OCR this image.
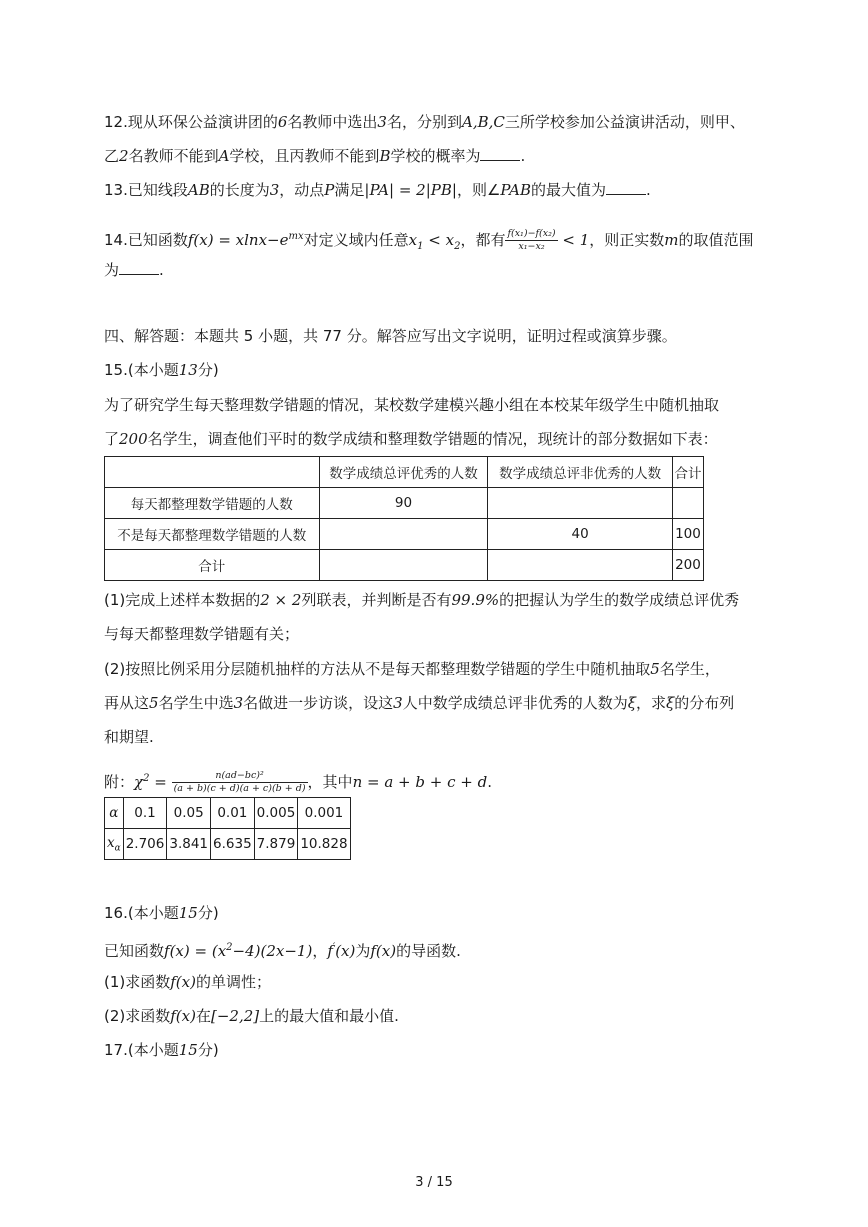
12.现从环保公益演讲团的6名教师中选出3名，分别到A,B,C三所学校参加公益演讲活动，则甲、
乙2名教师不能到A学校，且丙教师不能到B学校的概率为	.
13.已知线段AB的长度为3，动点P满足|PA| = 2|PB|，则∠PAB的最大值为	.
14.已知函数$f(x) = xlnx-e^{mx}$对定义域内任意$x_1 < x_2$，都有 $\frac{\text{f(x₁)−f(x₂)}}{\text{x₁−x₂}} < 1$，则正实数m的取值范围
为	.
四、解答题：本题共 5 小题，共 77 分。解答应写出文字说明，证明过程或演算步骤。
15.(本小题13分)
为了研究学生每天整理数学错题的情况，某校数学建模兴趣小组在本校某年级学生中随机抽取
了200名学生，调查他们平时的数学成绩和整理数学错题的情况，现统计的部分数据如下表：
	数学成绩总评优秀的人数	数学成绩总评非优秀的人数	合计
每天都整理数学错题的人数	90		
不是每天都整理数学错题的人数		40	100
合计			200
(1)完成上述样本数据的2 × 2列联表，并判断是否有99.9%的把握认为学生的数学成绩总评优秀
与每天都整理数学错题有关；
(2)按照比例采用分层随机抽样的方法从不是每天都整理数学错题的学生中随机抽取5名学生，
再从这5名学生中选3名做进一步访谈，设这3人中数学成绩总评非优秀的人数为ξ，求ξ的分布列
和期望.
附：$\chi^2 = \frac{\text{n(ad−bc)²}}{(a + b)(c + d)(a + c)(b + d)}$ ，其中n = a + b + c + d.
α	0.1	0.05	0.01	0.005	0.001
$x_\alpha$	2.706	3.841	6.635	7.879	10.828
16.(本小题15分)
已知函数$f(x) = (x^2-4)(2x-1)$，f′(x)为f(x)的导函数.
(1)求函数f(x)的单调性；
(2)求函数f(x)在[−2,2]上的最大值和最小值.
17.(本小题15分)
3 / 15
